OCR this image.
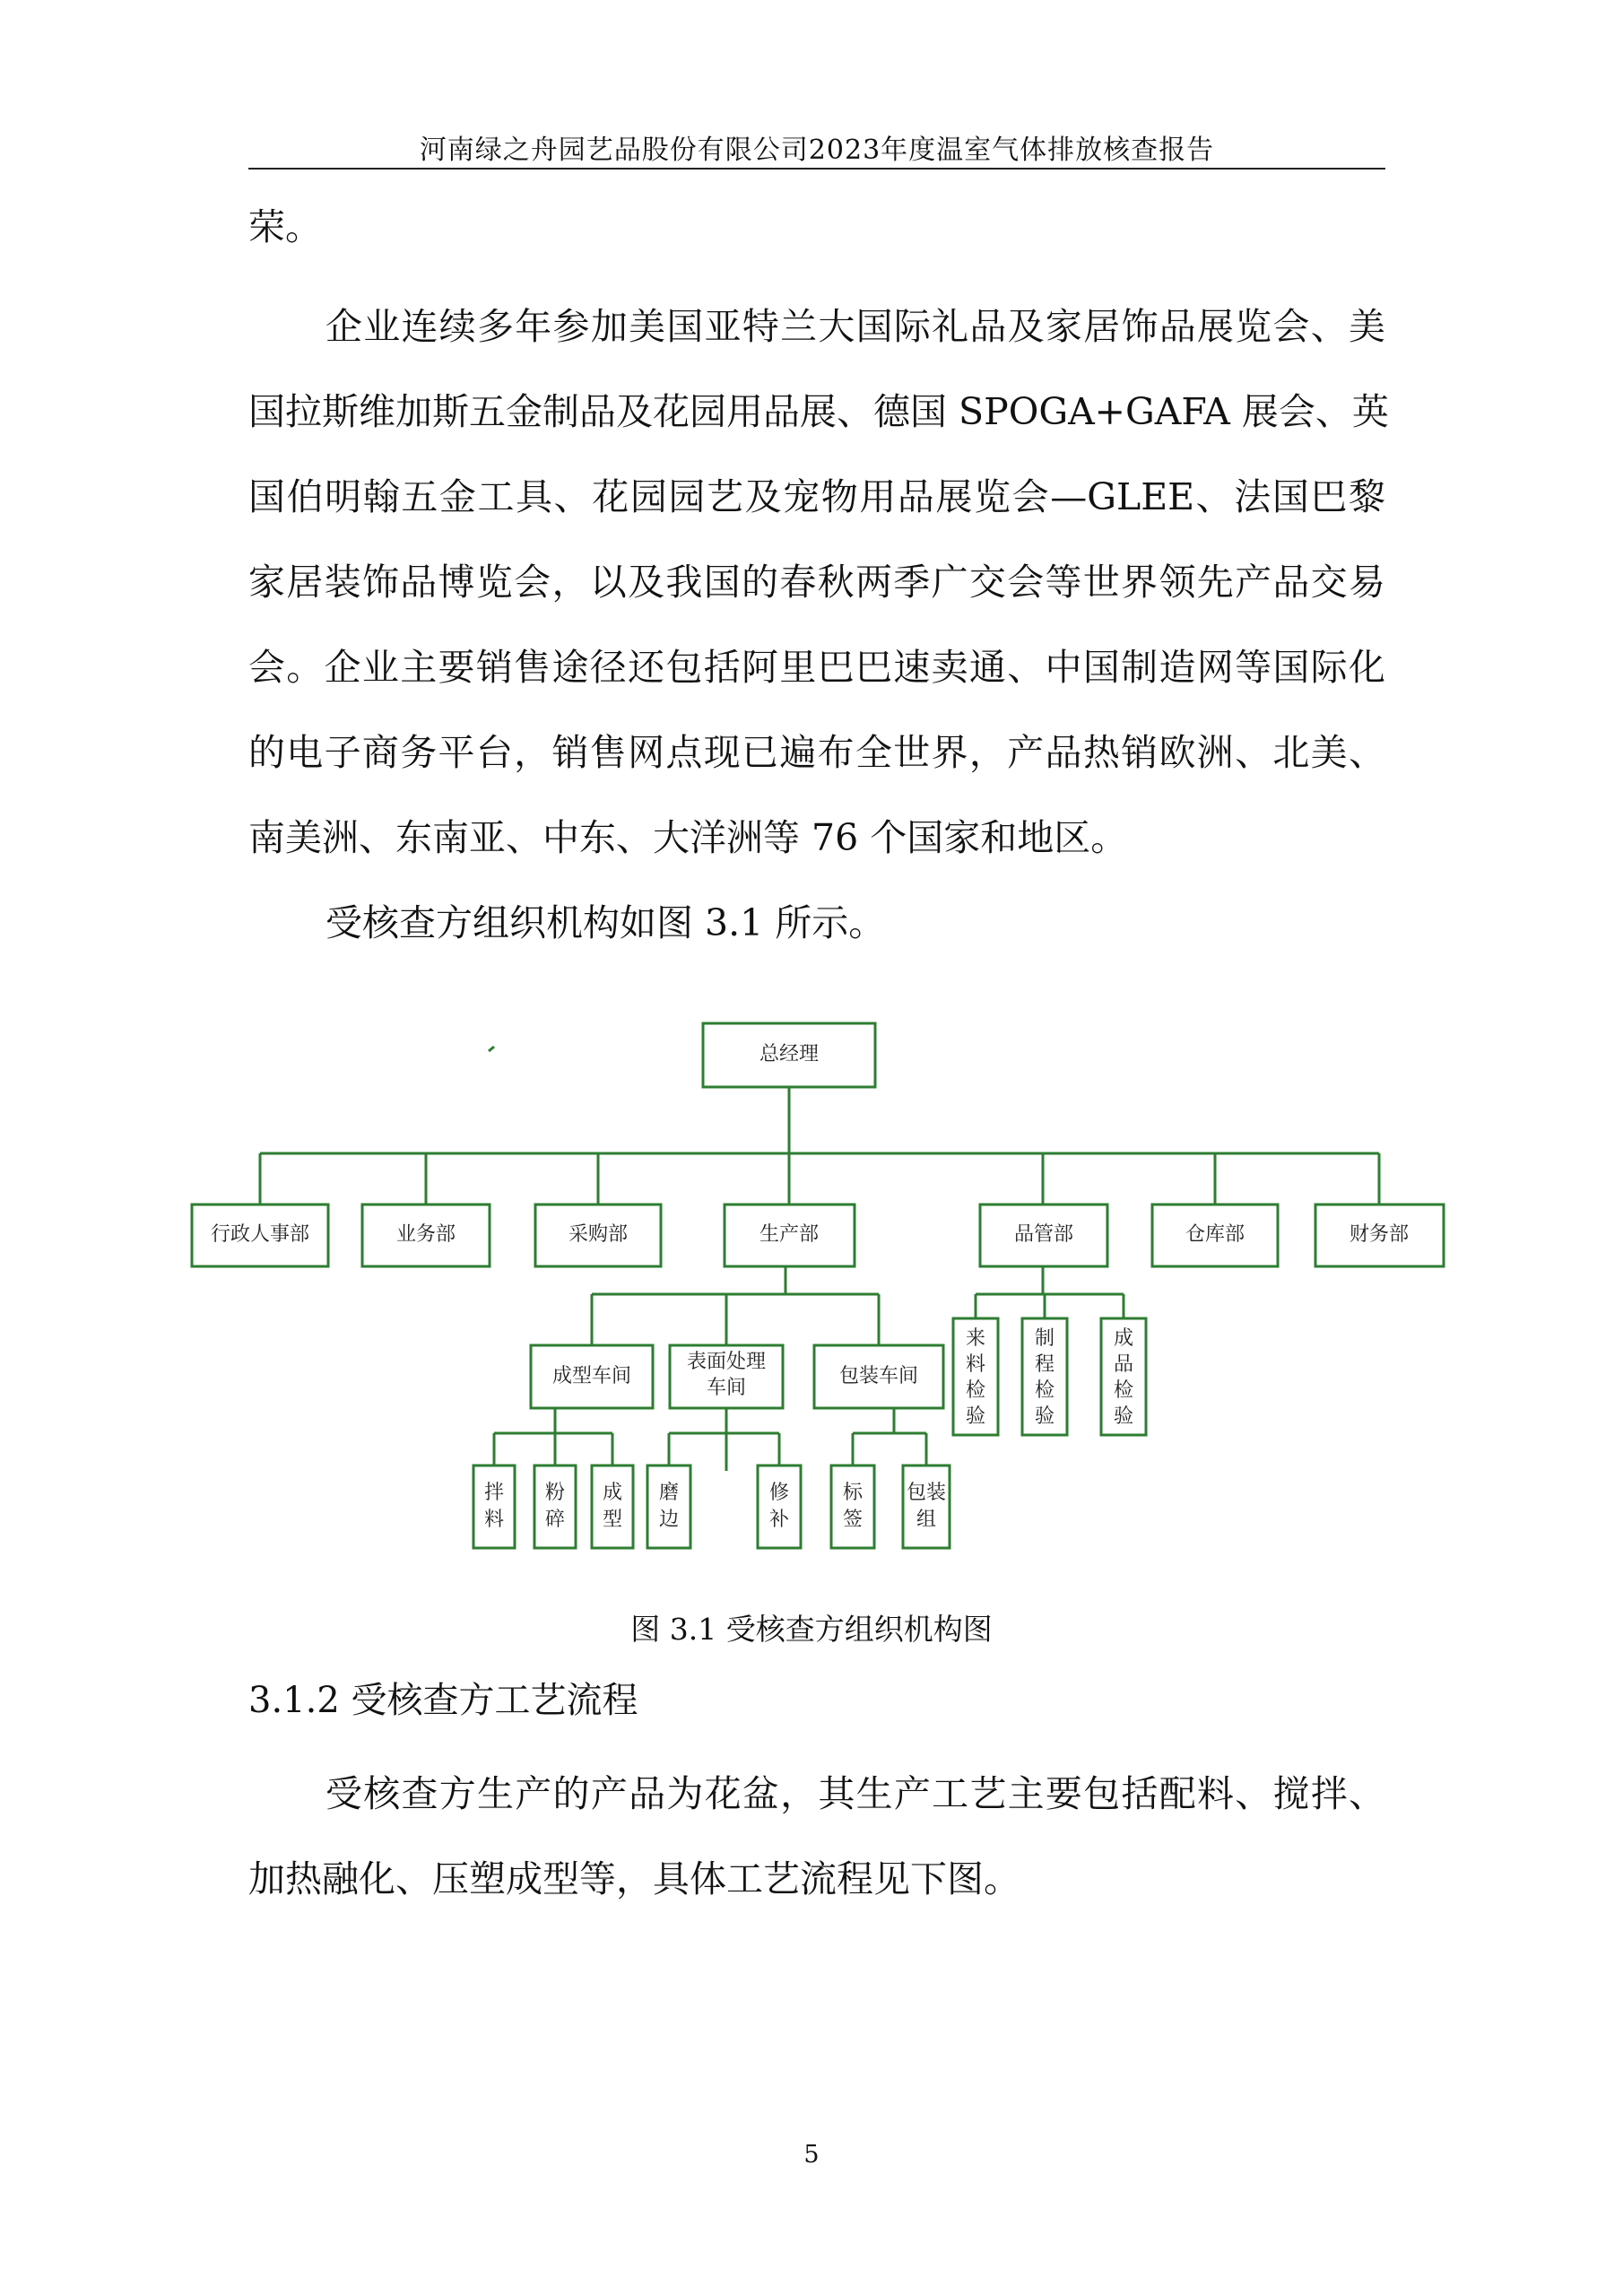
河南绿之舟园艺品股份有限公司2023年度温室气体排放核查报告
荣。
企业连续多年参加美国亚特兰大国际礼品及家居饰品展览会、美
国拉斯维加斯五金制品及花园用品展、德国 SPOGA+GAFA 展会、英
国伯明翰五金工具、花园园艺及宠物用品展览会—GLEE、法国巴黎
家居装饰品博览会，以及我国的春秋两季广交会等世界领先产品交易
会。企业主要销售途径还包括阿里巴巴速卖通、中国制造网等国际化
的电子商务平台，销售网点现已遍布全世界，产品热销欧洲、北美、
南美洲、东南亚、中东、大洋洲等 76 个国家和地区。
受核查方组织机构如图 3.1 所示。
总经理
行政人事部	业务部	采购部	生产部	品管部	仓库部	财务部
成型车间
表面处理
车间
包装车间
来
料
检
验
制
程
检
验
成
品
检
验
拌
料
粉
碎
成
型
磨
边
修
补
标
签
包装
组
图 3.1 受核查方组织机构图
3.1.2 受核查方工艺流程
受核查方生产的产品为花盆，其生产工艺主要包括配料、搅拌、
加热融化、压塑成型等，具体工艺流程见下图。
5
